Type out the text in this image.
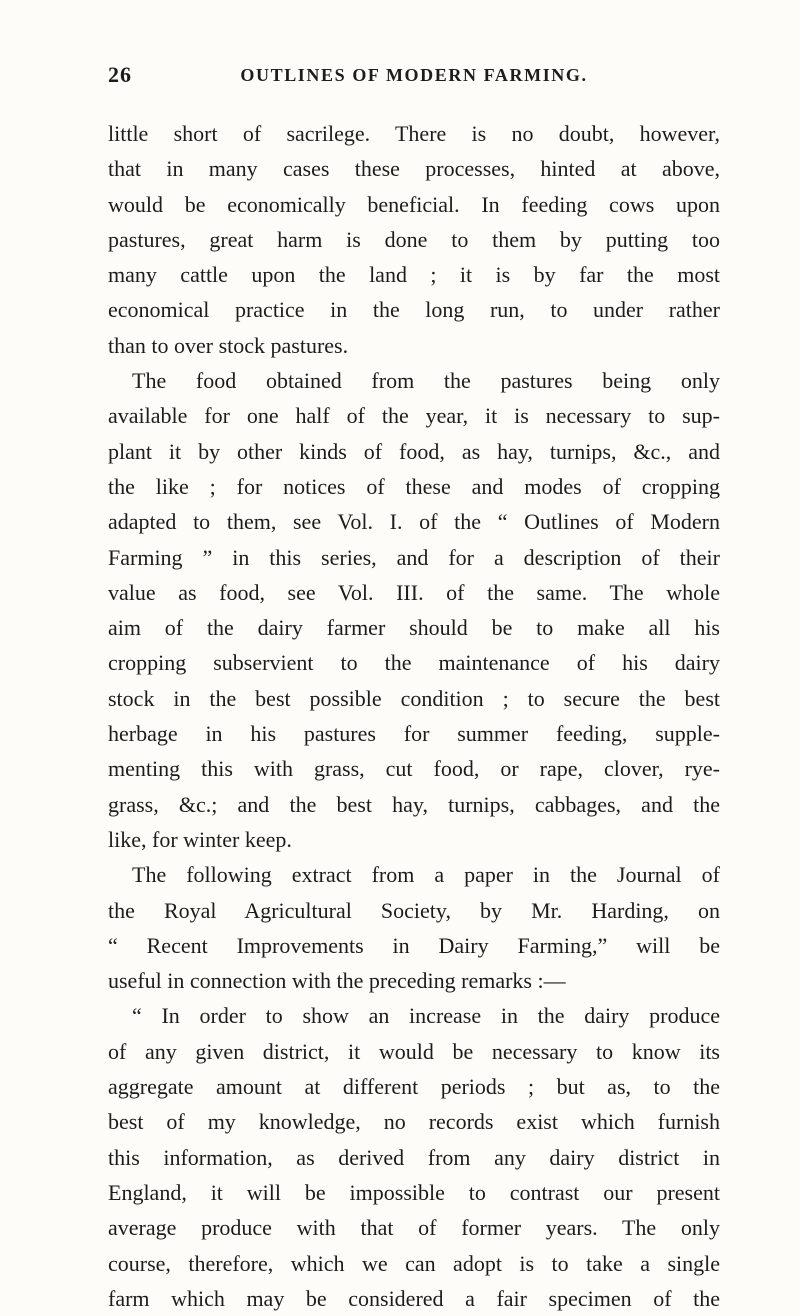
26	OUTLINES OF MODERN FARMING.
little short of sacrilege. There is no doubt, however,
that in many cases these processes, hinted at above,
would be economically beneficial. In feeding cows upon
pastures, great harm is done to them by putting too
many cattle upon the land ; it is by far the most
economical practice in the long run, to under rather
than to over stock pastures.
The food obtained from the pastures being only
available for one half of the year, it is necessary to sup-
plant it by other kinds of food, as hay, turnips, &c., and
the like ; for notices of these and modes of cropping
adapted to them, see Vol. I. of the “ Outlines of Modern
Farming ” in this series, and for a description of their
value as food, see Vol. III. of the same. The whole
aim of the dairy farmer should be to make all his
cropping subservient to the maintenance of his dairy
stock in the best possible condition ; to secure the best
herbage in his pastures for summer feeding, supple-
menting this with grass, cut food, or rape, clover, rye-
grass, &c.; and the best hay, turnips, cabbages, and the
like, for winter keep.
The following extract from a paper in the Journal of
the Royal Agricultural Society, by Mr. Harding, on
“ Recent Improvements in Dairy Farming,” will be
useful in connection with the preceding remarks :—
“ In order to show an increase in the dairy produce
of any given district, it would be necessary to know its
aggregate amount at different periods ; but as, to the
best of my knowledge, no records exist which furnish
this information, as derived from any dairy district in
England, it will be impossible to contrast our present
average produce with that of former years. The only
course, therefore, which we can adopt is to take a single
farm which may be considered a fair specimen of the
